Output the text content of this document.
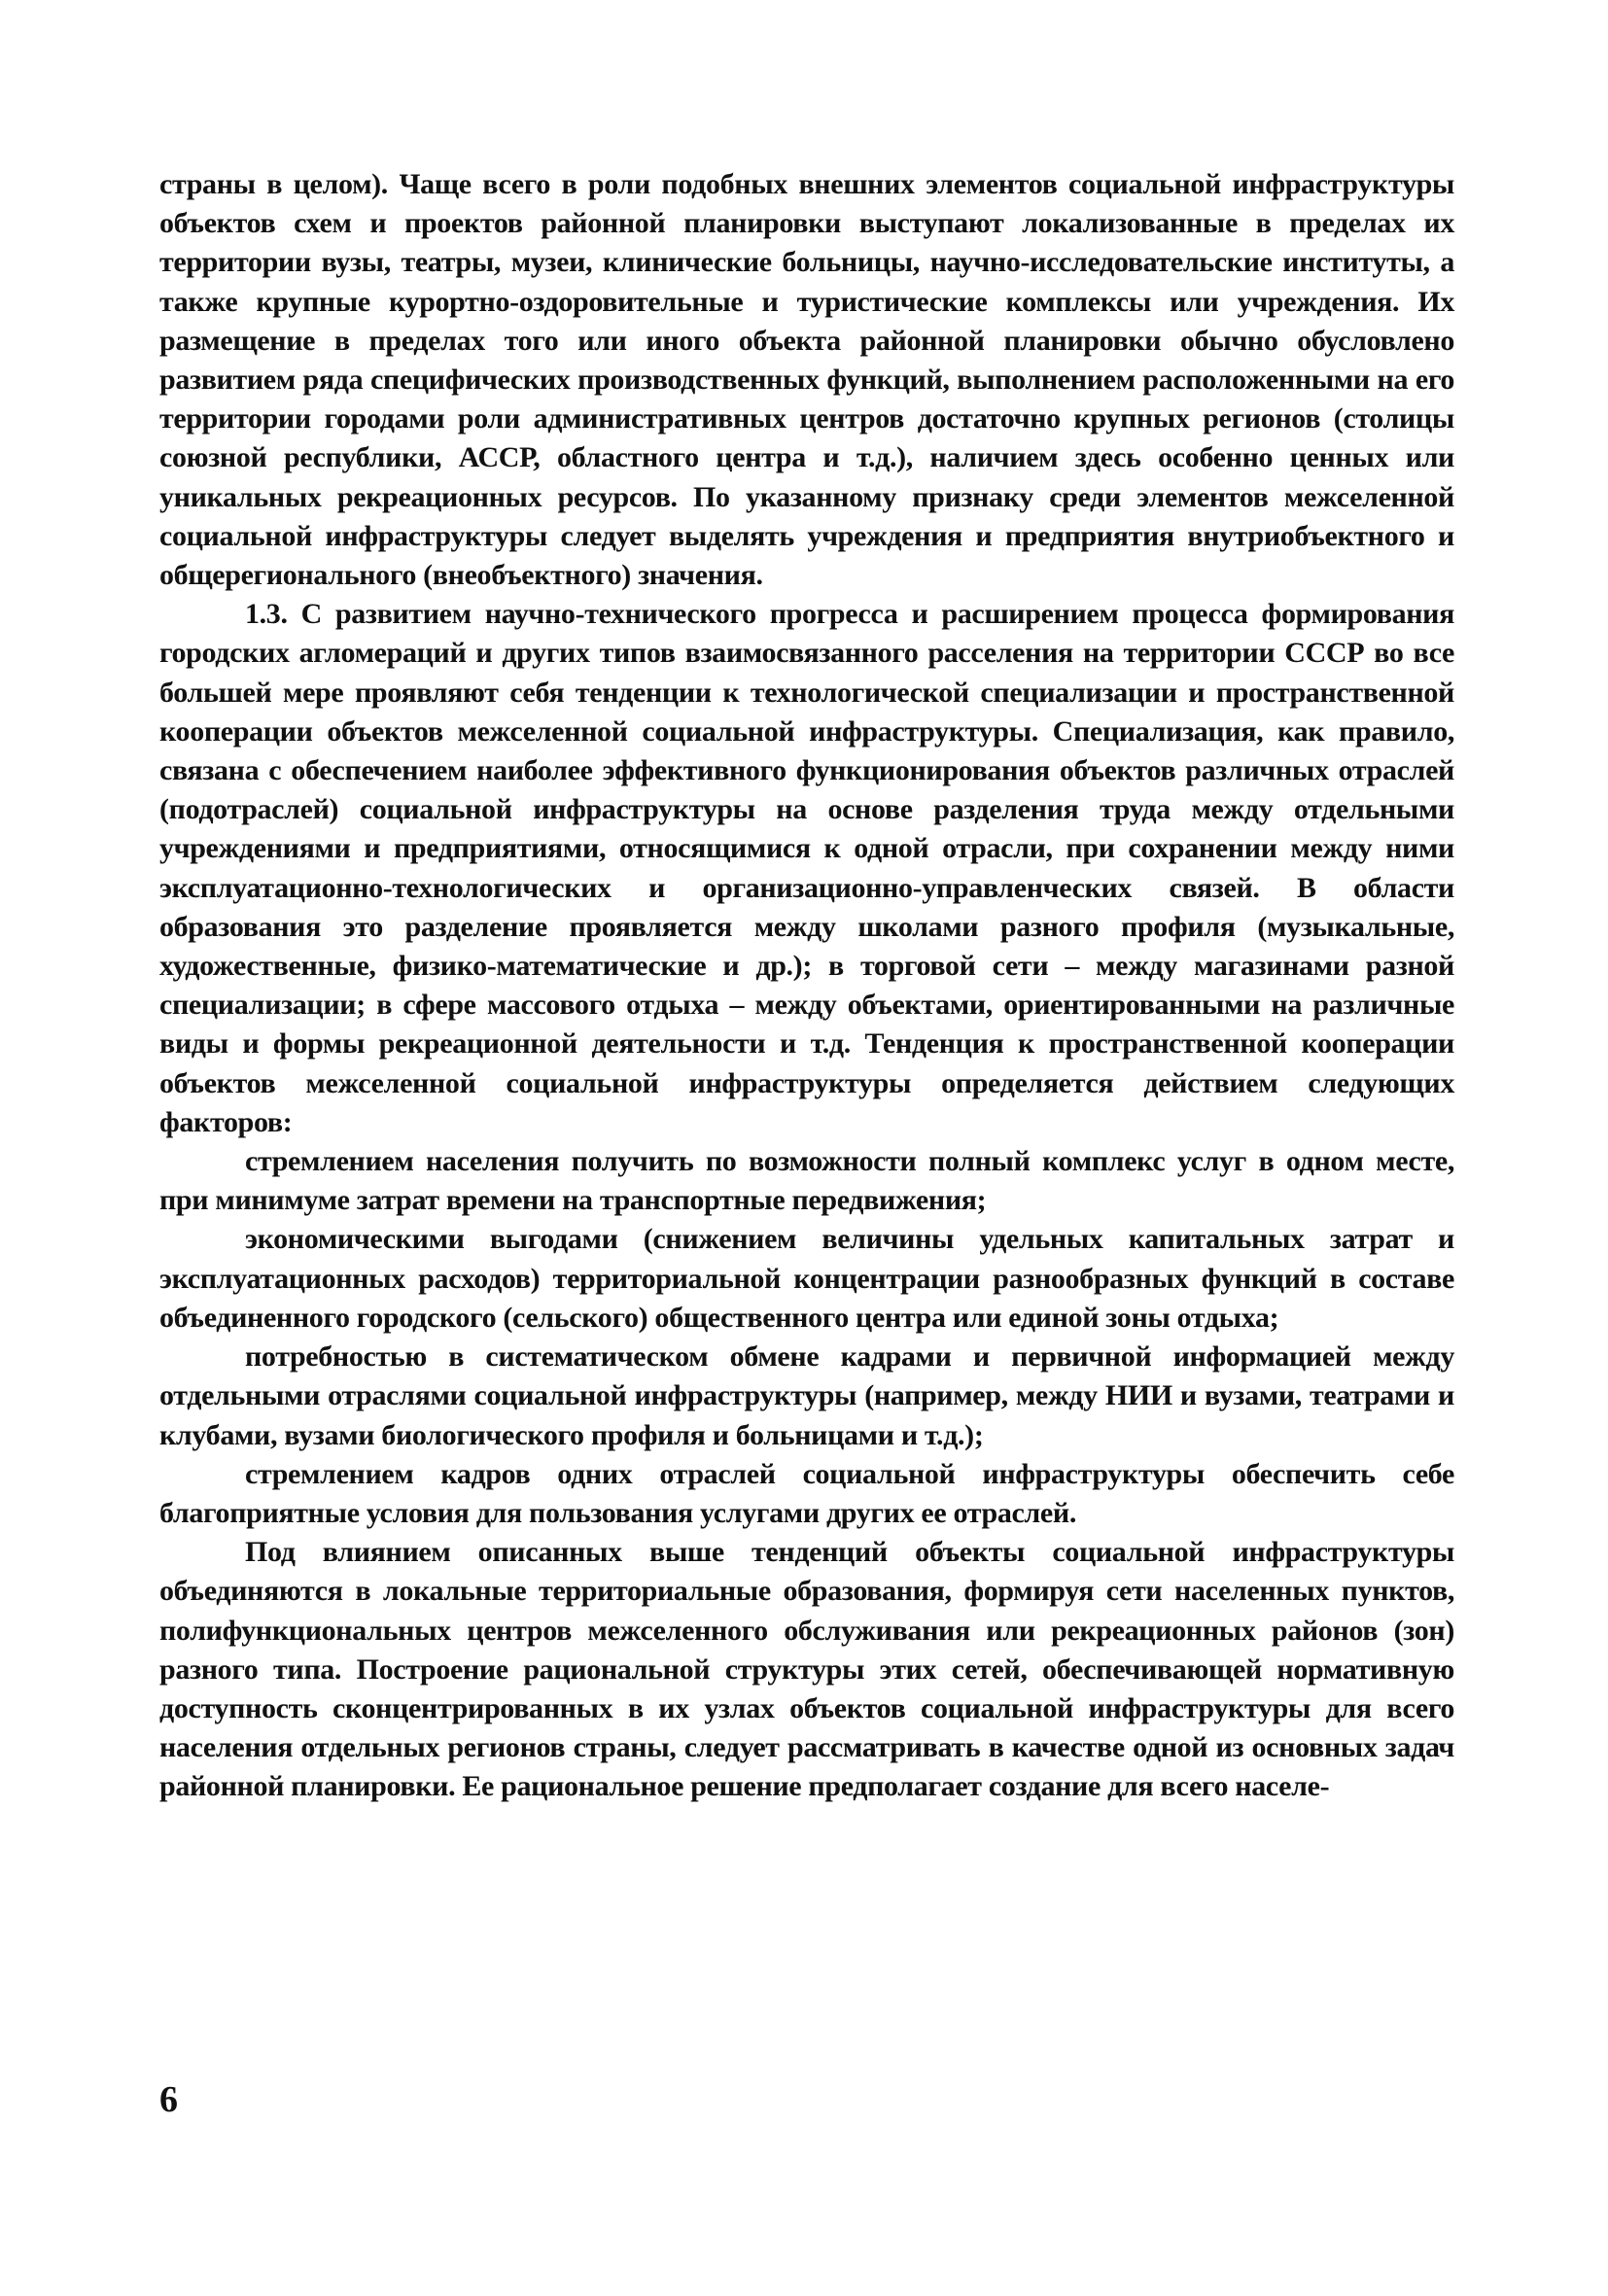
страны в целом). Чаще всего в роли подобных внешних элементов социальной инфраструктуры объектов схем и проектов районной планировки выступают локализованные в пределах их территории вузы, театры, музеи, клинические больницы, научно-исследовательские институты, а также крупные курортно-оздоровительные и туристические комплексы или учреждения. Их размещение в пределах того или иного объекта районной планировки обычно обусловлено развитием ряда специфических производственных функций, выполнением расположенными на его территории городами роли административных центров достаточно крупных регионов (столицы союзной республики, АССР, областного центра и т.д.), наличием здесь особенно ценных или уникальных рекреационных ресурсов. По указанному признаку среди элементов межселенной социальной инфраструктуры следует выделять учреждения и предприятия внутриобъектного и общерегионального (внеобъектного) значения.

1.3. С развитием научно-технического прогресса и расширением процесса формирования городских агломераций и других типов взаимосвязанного расселения на территории СССР во все большей мере проявляют себя тенденции к технологической специализации и пространственной кооперации объектов межселенной социальной инфраструктуры. Специализация, как правило, связана с обеспечением наиболее эффективного функционирования объектов различных отраслей (подотраслей) социальной инфраструктуры на основе разделения труда между отдельными учреждениями и предприятиями, относящимися к одной отрасли, при сохранении между ними эксплуатационно-технологических и организационно-управленческих связей. В области образования это разделение проявляется между школами разного профиля (музыкальные, художественные, физико-математические и др.); в торговой сети – между магазинами разной специализации; в сфере массового отдыха – между объектами, ориентированными на различные виды и формы рекреационной деятельности и т.д. Тенденция к пространственной кооперации объектов межселенной социальной инфраструктуры определяется действием следующих факторов:

стремлением населения получить по возможности полный комплекс услуг в одном месте, при минимуме затрат времени на транспортные передвижения;

экономическими выгодами (снижением величины удельных капитальных затрат и эксплуатационных расходов) территориальной концентрации разнообразных функций в составе объединенного городского (сельского) общественного центра или единой зоны отдыха;

потребностью в систематическом обмене кадрами и первичной информацией между отдельными отраслями социальной инфраструктуры (например, между НИИ и вузами, театрами и клубами, вузами биологического профиля и больницами и т.д.);

стремлением кадров одних отраслей социальной инфраструктуры обеспечить себе благоприятные условия для пользования услугами других ее отраслей.

Под влиянием описанных выше тенденций объекты социальной инфраструктуры объединяются в локальные территориальные образования, формируя сети населенных пунктов, полифункциональных центров межселенного обслуживания или рекреационных районов (зон) разного типа. Построение рациональной структуры этих сетей, обеспечивающей нормативную доступность сконцентрированных в их узлах объектов социальной инфраструктуры для всего населения отдельных регионов страны, следует рассматривать в качестве одной из основных задач районной планировки. Ее рациональное решение предполагает создание для всего населе-

6
